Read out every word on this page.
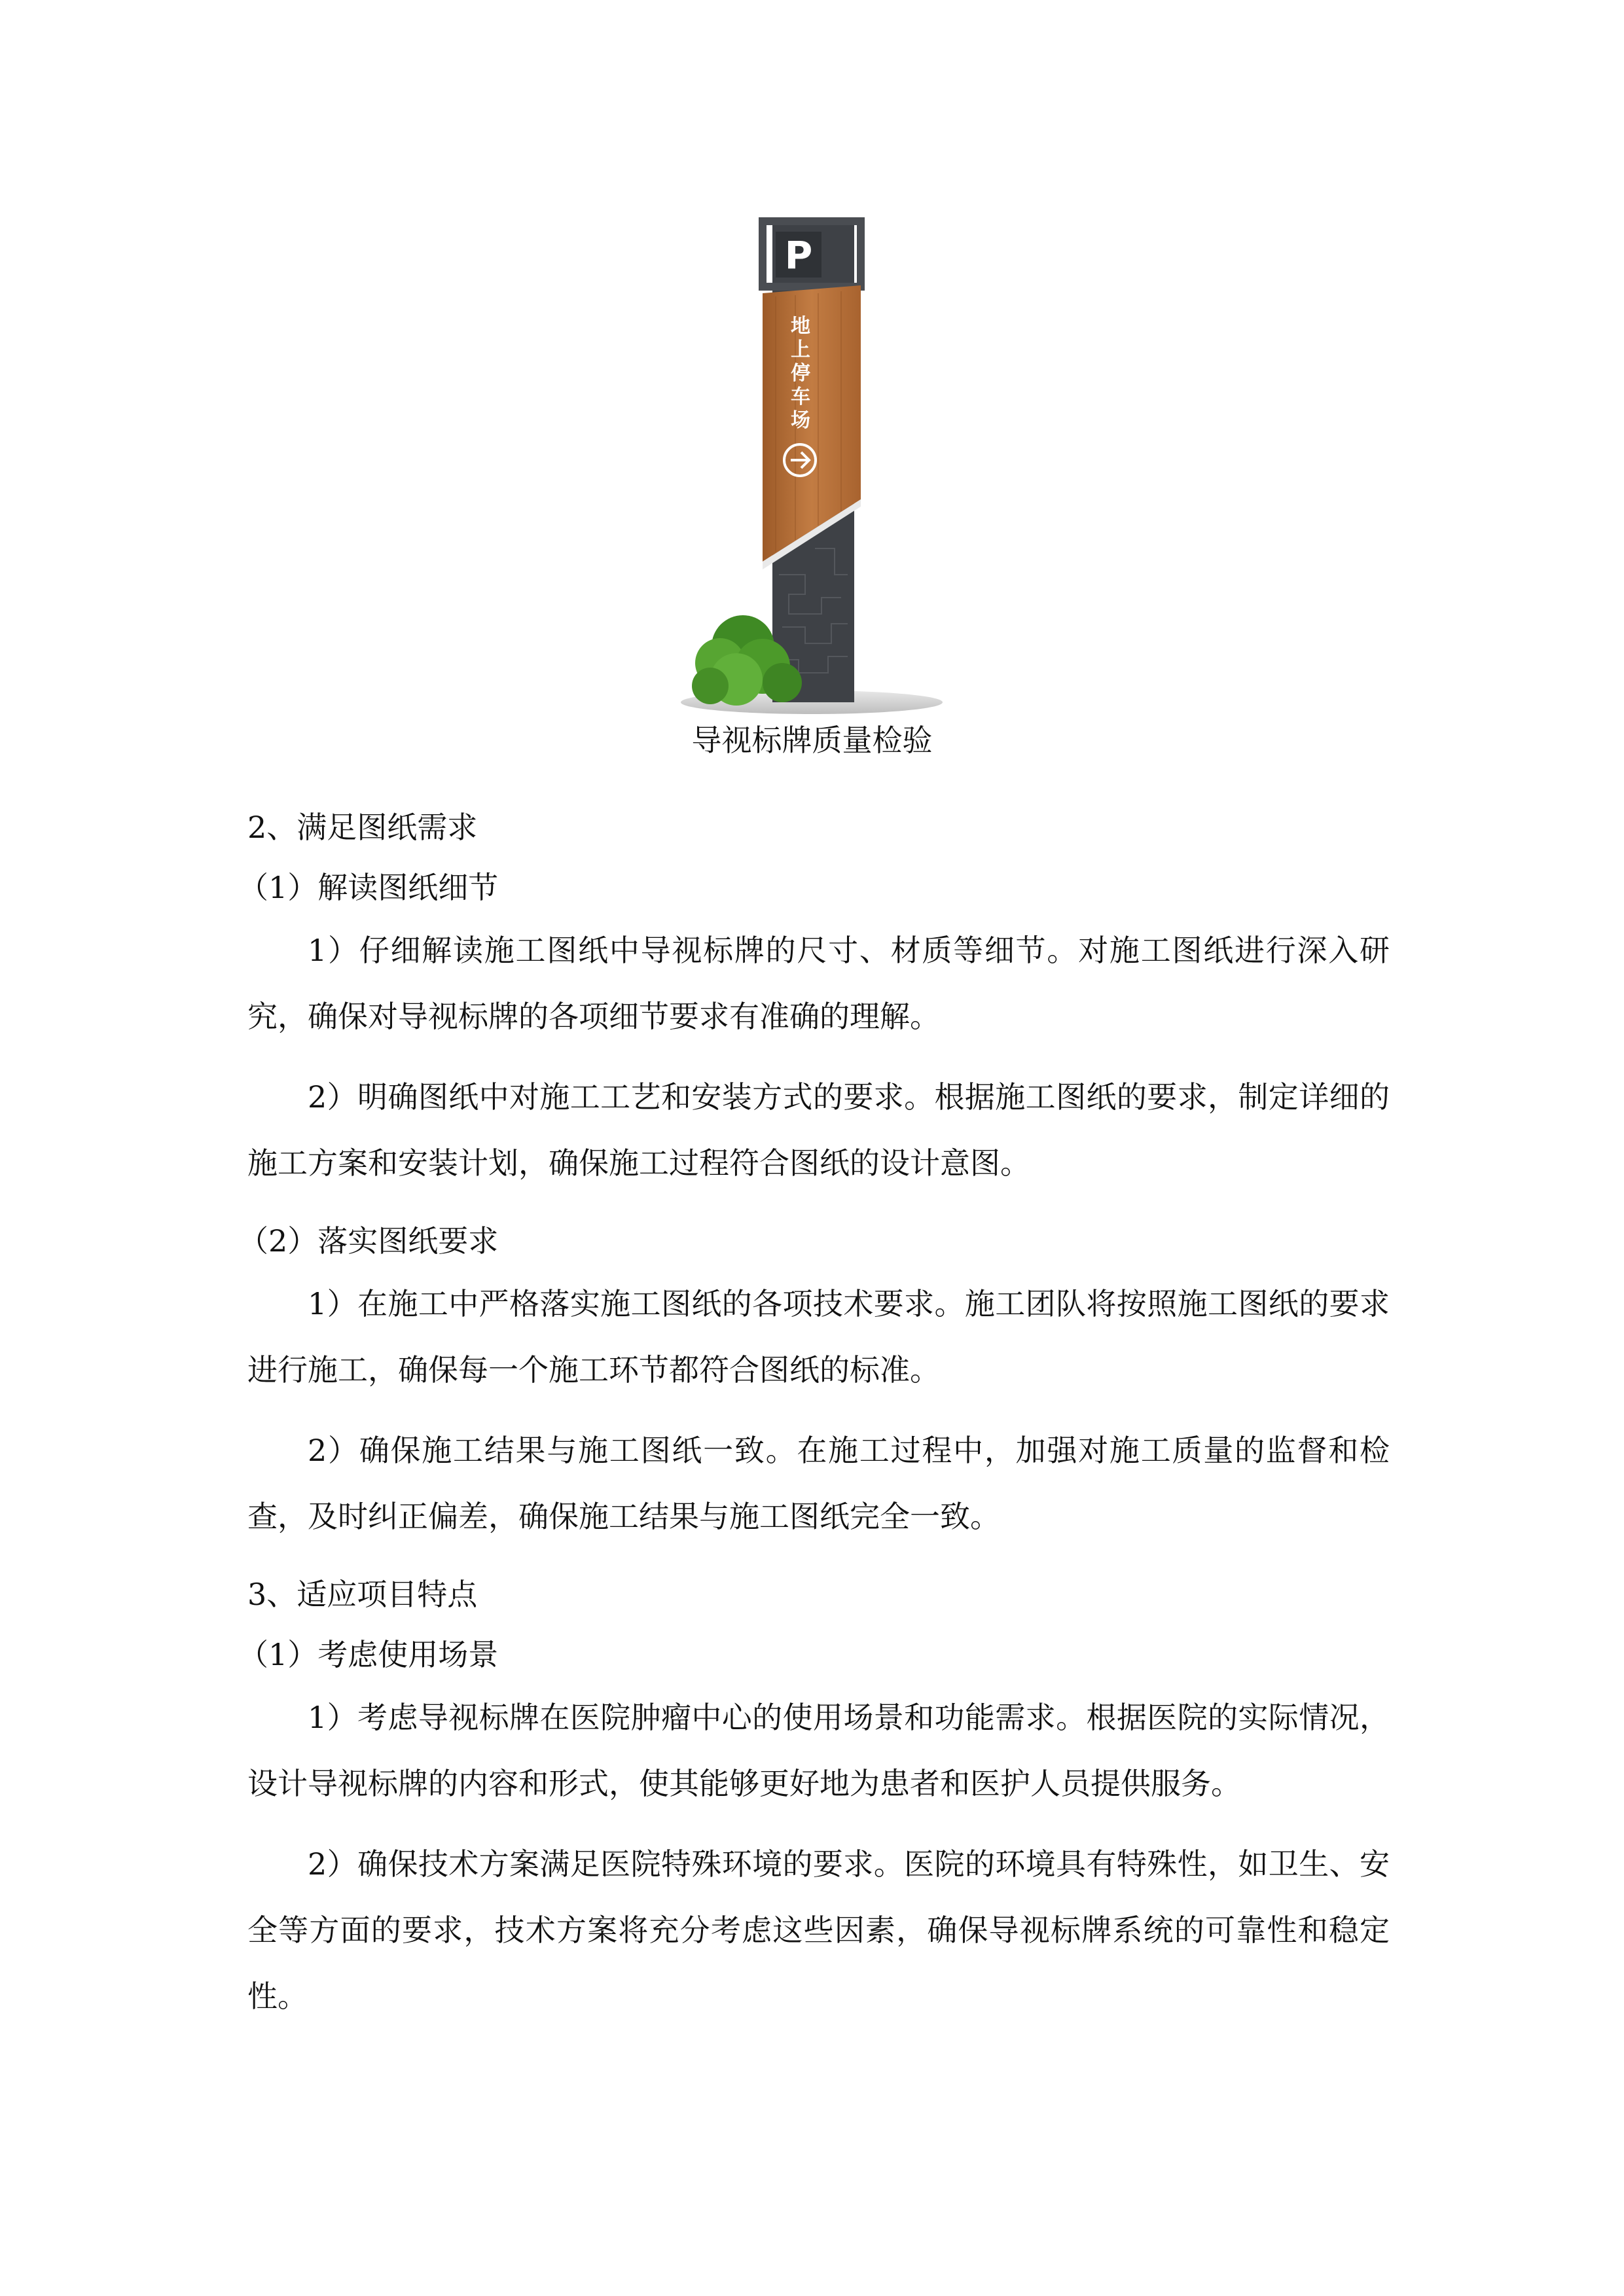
P
地
上
停
车
场
导视标牌质量检验

2、满足图纸需求

（1）解读图纸细节

1）仔细解读施工图纸中导视标牌的尺寸、材质等细节。对施工图纸进行深入研究，确保对导视标牌的各项细节要求有准确的理解。

2）明确图纸中对施工工艺和安装方式的要求。根据施工图纸的要求，制定详细的施工方案和安装计划，确保施工过程符合图纸的设计意图。

（2）落实图纸要求

1）在施工中严格落实施工图纸的各项技术要求。施工团队将按照施工图纸的要求进行施工，确保每一个施工环节都符合图纸的标准。

2）确保施工结果与施工图纸一致。在施工过程中，加强对施工质量的监督和检查，及时纠正偏差，确保施工结果与施工图纸完全一致。

3、适应项目特点

（1）考虑使用场景

1）考虑导视标牌在医院肿瘤中心的使用场景和功能需求。根据医院的实际情况，设计导视标牌的内容和形式，使其能够更好地为患者和医护人员提供服务。

2）确保技术方案满足医院特殊环境的要求。医院的环境具有特殊性，如卫生、安全等方面的要求，技术方案将充分考虑这些因素，确保导视标牌系统的可靠性和稳定性。
